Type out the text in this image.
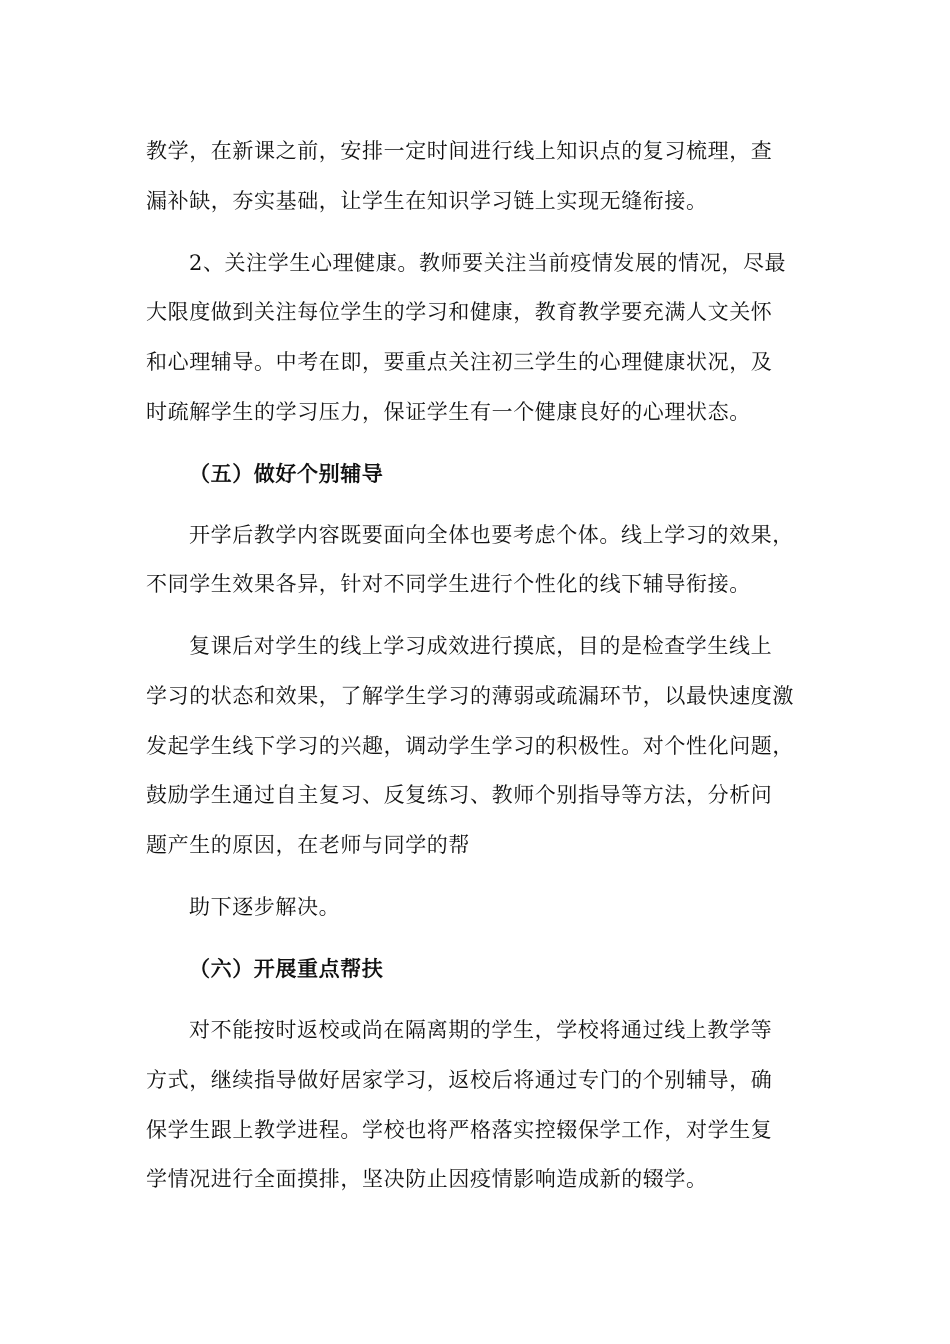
教学，在新课之前，安排一定时间进行线上知识点的复习梳理，查
漏补缺，夯实基础，让学生在知识学习链上实现无缝衔接。
2、关注学生心理健康。教师要关注当前疫情发展的情况，尽最
大限度做到关注每位学生的学习和健康，教育教学要充满人文关怀
和心理辅导。中考在即，要重点关注初三学生的心理健康状况，及
时疏解学生的学习压力，保证学生有一个健康良好的心理状态。
（五）做好个别辅导
开学后教学内容既要面向全体也要考虑个体。线上学习的效果，
不同学生效果各异，针对不同学生进行个性化的线下辅导衔接。
复课后对学生的线上学习成效进行摸底，目的是检查学生线上
学习的状态和效果，了解学生学习的薄弱或疏漏环节，以最快速度激
发起学生线下学习的兴趣，调动学生学习的积极性。对个性化问题，
鼓励学生通过自主复习、反复练习、教师个别指导等方法，分析问
题产生的原因，在老师与同学的帮
助下逐步解决。
（六）开展重点帮扶
对不能按时返校或尚在隔离期的学生，学校将通过线上教学等
方式，继续指导做好居家学习，返校后将通过专门的个别辅导，确
保学生跟上教学进程。学校也将严格落实控辍保学工作，对学生复
学情况进行全面摸排，坚决防止因疫情影响造成新的辍学。
